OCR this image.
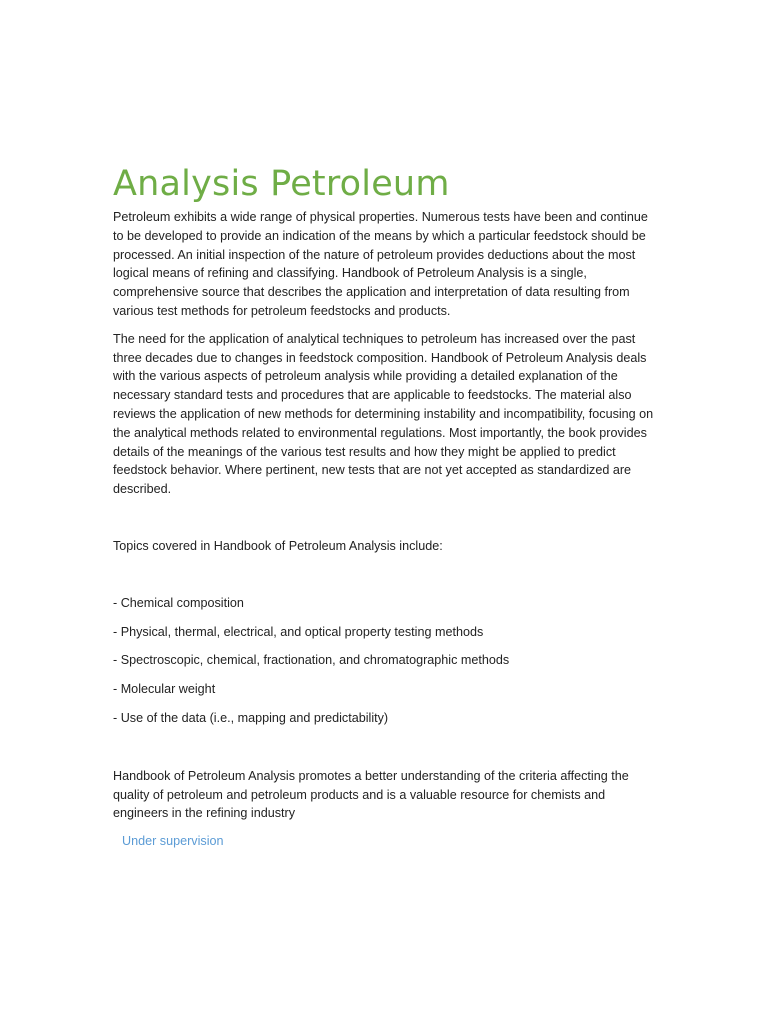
Analysis Petroleum

Petroleum exhibits a wide range of physical properties. Numerous tests have been and continue to be developed to provide an indication of the means by which a particular feedstock should be processed. An initial inspection of the nature of petroleum provides deductions about the most logical means of refining and classifying. Handbook of Petroleum Analysis is a single, comprehensive source that describes the application and interpretation of data resulting from various test methods for petroleum feedstocks and products.

The need for the application of analytical techniques to petroleum has increased over the past three decades due to changes in feedstock composition. Handbook of Petroleum Analysis deals with the various aspects of petroleum analysis while providing a detailed explanation of the necessary standard tests and procedures that are applicable to feedstocks. The material also reviews the application of new methods for determining instability and incompatibility, focusing on the analytical methods related to environmental regulations. Most importantly, the book provides details of the meanings of the various test results and how they might be applied to predict feedstock behavior. Where pertinent, new tests that are not yet accepted as standardized are described.

Topics covered in Handbook of Petroleum Analysis include:

- Chemical composition
- Physical, thermal, electrical, and optical property testing methods
- Spectroscopic, chemical, fractionation, and chromatographic methods
- Molecular weight
- Use of the data (i.e., mapping and predictability)

Handbook of Petroleum Analysis promotes a better understanding of the criteria affecting the quality of petroleum and petroleum products and is a valuable resource for chemists and engineers in the refining industry

Under supervision
